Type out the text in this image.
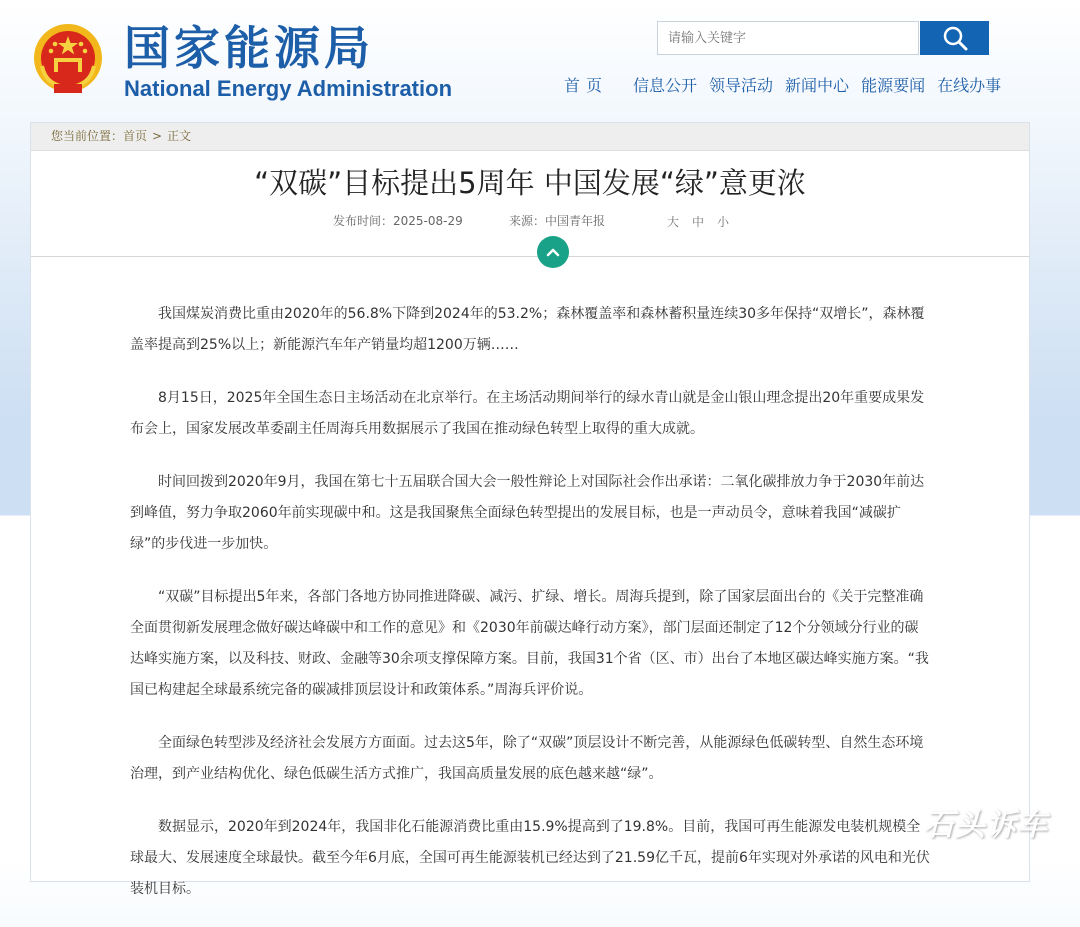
国家能源局
National Energy Administration
请输入关键字	首页 信息公开 领导活动 新闻中心 能源要闻 在线办事
您当前位置： 首页 > 正文
“双碳”目标提出5周年 中国发展“绿”意更浓
发布时间：2025-08-29	来源：中国青年报	大 中 小

我国煤炭消费比重由2020年的56.8%下降到2024年的53.2%；森林覆盖率和森林蓄积量连续30多年保持“双增长”，森林覆盖率提高到25%以上；新能源汽车年产销量均超1200万辆……

8月15日，2025年全国生态日主场活动在北京举行。在主场活动期间举行的绿水青山就是金山银山理念提出20年重要成果发布会上，国家发展改革委副主任周海兵用数据展示了我国在推动绿色转型上取得的重大成就。

时间回拨到2020年9月，我国在第七十五届联合国大会一般性辩论上对国际社会作出承诺：二氧化碳排放力争于2030年前达到峰值，努力争取2060年前实现碳中和。这是我国聚焦全面绿色转型提出的发展目标，也是一声动员令，意味着我国“减碳扩绿”的步伐进一步加快。

“双碳”目标提出5年来，各部门各地方协同推进降碳、减污、扩绿、增长。周海兵提到，除了国家层面出台的《关于完整准确全面贯彻新发展理念做好碳达峰碳中和工作的意见》和《2030年前碳达峰行动方案》，部门层面还制定了12个分领域分行业的碳达峰实施方案，以及科技、财政、金融等30余项支撑保障方案。目前，我国31个省（区、市）出台了本地区碳达峰实施方案。“我国已构建起全球最系统完备的碳减排顶层设计和政策体系。”周海兵评价说。

全面绿色转型涉及经济社会发展方方面面。过去这5年，除了“双碳”顶层设计不断完善，从能源绿色低碳转型、自然生态环境治理，到产业结构优化、绿色低碳生活方式推广，我国高质量发展的底色越来越“绿”。

数据显示，2020年到2024年，我国非化石能源消费比重由15.9%提高到了19.8%。目前，我国可再生能源发电装机规模全球最大、发展速度全球最快。截至今年6月底，全国可再生能源装机已经达到了21.59亿千瓦，提前6年实现对外承诺的风电和光伏装机目标。

石头诉车
